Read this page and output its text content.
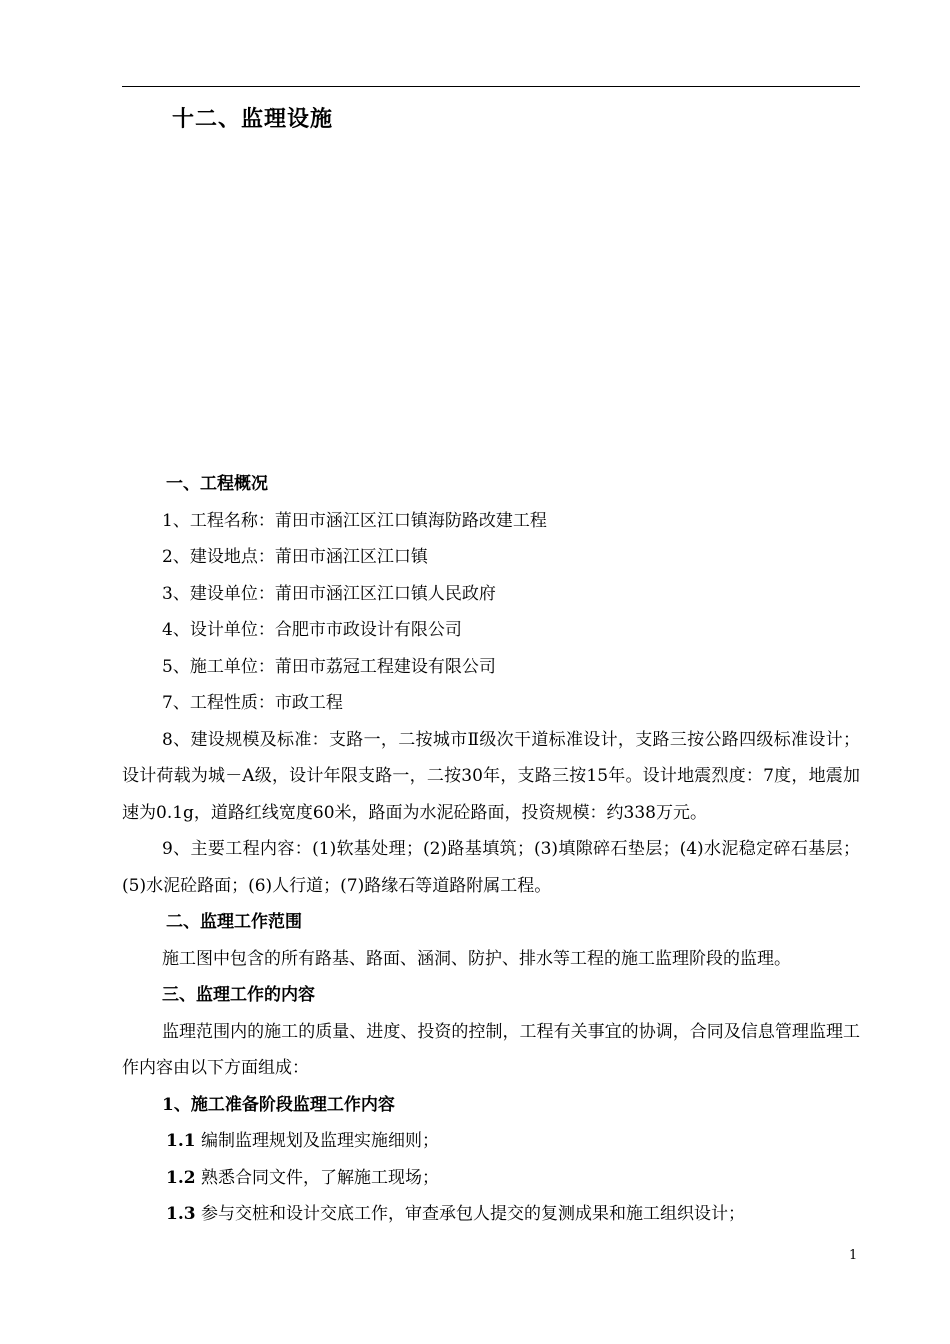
十二、监理设施

一、工程概况

1、工程名称：莆田市涵江区江口镇海防路改建工程

2、建设地点：莆田市涵江区江口镇

3、建设单位：莆田市涵江区江口镇人民政府

4、设计单位：合肥市市政设计有限公司

5、施工单位：莆田市荔冠工程建设有限公司

7、工程性质：市政工程

8、建设规模及标准：支路一，二按城市Ⅱ级次干道标准设计，支路三按公路四级标准设计；设计荷载为城－A级，设计年限支路一，二按30年，支路三按15年。设计地震烈度：7度，地震加速为0.1g，道路红线宽度60米，路面为水泥砼路面，投资规模：约338万元。

9、主要工程内容：(1)软基处理；(2)路基填筑；(3)填隙碎石垫层；(4)水泥稳定碎石基层；(5)水泥砼路面；(6)人行道；(7)路缘石等道路附属工程。

二、监理工作范围

施工图中包含的所有路基、路面、涵洞、防护、排水等工程的施工监理阶段的监理。

三、监理工作的内容

监理范围内的施工的质量、进度、投资的控制，工程有关事宜的协调，合同及信息管理监理工作内容由以下方面组成：

1、施工准备阶段监理工作内容

1.1 编制监理规划及监理实施细则；

1.2 熟悉合同文件，了解施工现场；

1.3 参与交桩和设计交底工作，审查承包人提交的复测成果和施工组织设计；

1
